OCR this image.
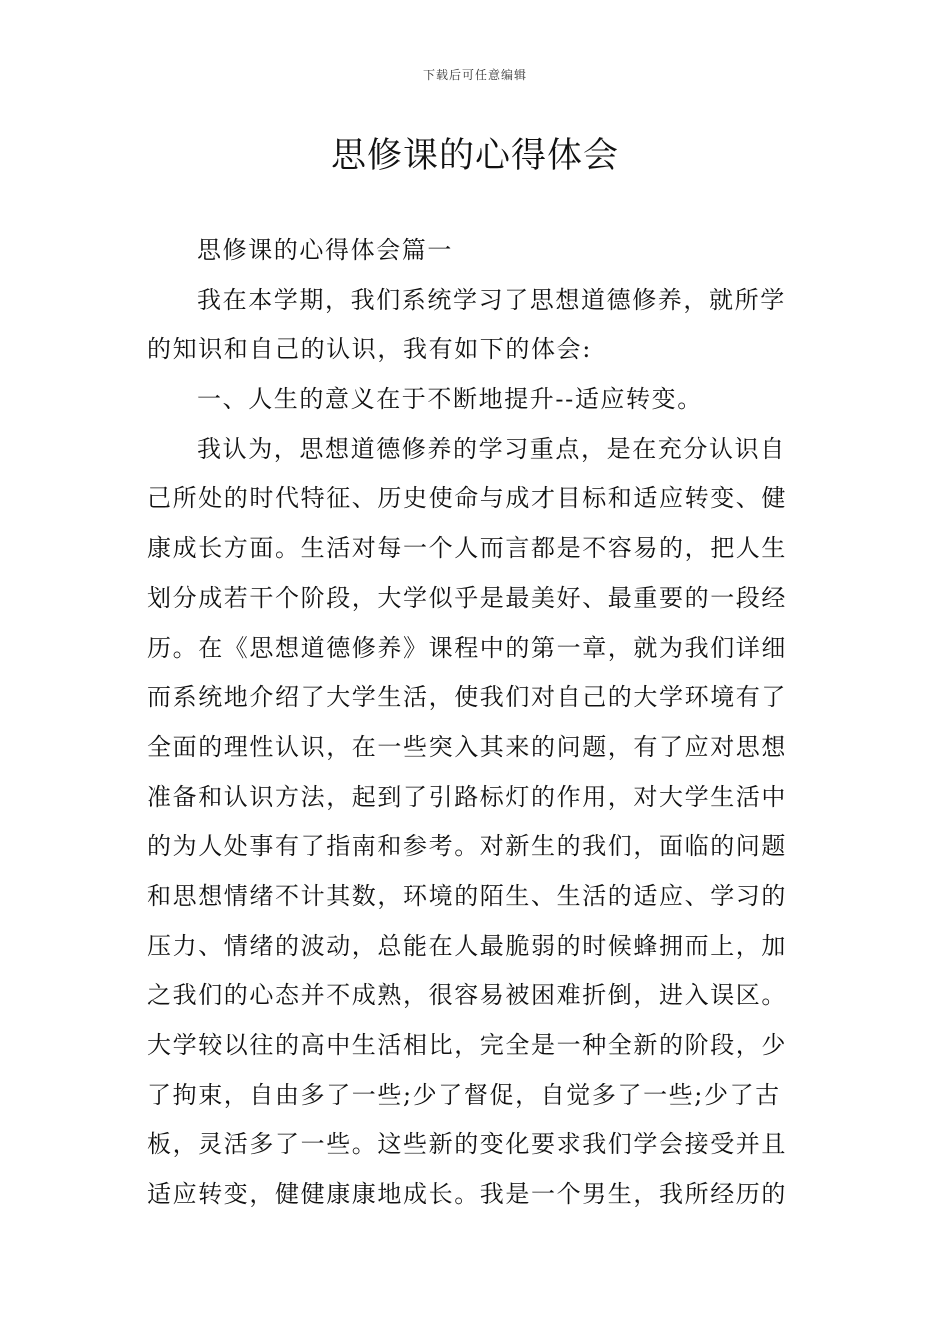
下载后可任意编辑
思修课的心得体会
思修课的心得体会篇一
我在本学期，我们系统学习了思想道德修养，就所学
的知识和自己的认识，我有如下的体会:
一、人生的意义在于不断地提升--适应转变。
我认为，思想道德修养的学习重点，是在充分认识自
己所处的时代特征、历史使命与成才目标和适应转变、健
康成长方面。生活对每一个人而言都是不容易的，把人生
划分成若干个阶段，大学似乎是最美好、最重要的一段经
历。在《思想道德修养》课程中的第一章，就为我们详细
而系统地介绍了大学生活，使我们对自己的大学环境有了
全面的理性认识，在一些突入其来的问题，有了应对思想
准备和认识方法，起到了引路标灯的作用，对大学生活中
的为人处事有了指南和参考。对新生的我们，面临的问题
和思想情绪不计其数，环境的陌生、生活的适应、学习的
压力、情绪的波动，总能在人最脆弱的时候蜂拥而上，加
之我们的心态并不成熟，很容易被困难折倒，进入误区。
大学较以往的高中生活相比，完全是一种全新的阶段，少
了拘束，自由多了一些;少了督促，自觉多了一些;少了古
板，灵活多了一些。这些新的变化要求我们学会接受并且
适应转变，健健康康地成长。我是一个男生，我所经历的
